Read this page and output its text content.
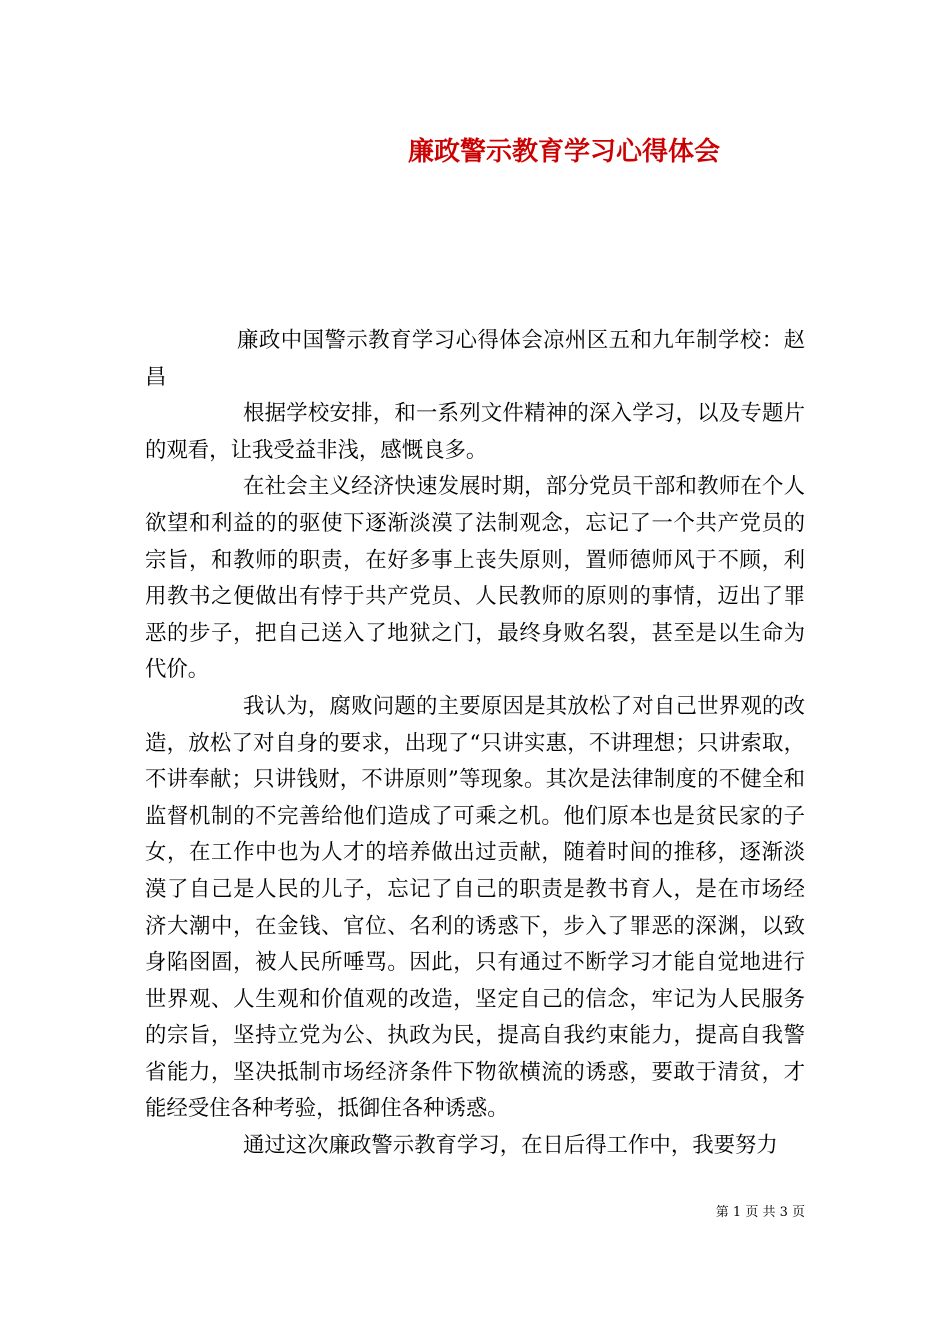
廉政警示教育学习心得体会

廉政中国警示教育学习心得体会凉州区五和九年制学校：赵昌

根据学校安排，和一系列文件精神的深入学习，以及专题片的观看，让我受益非浅，感慨良多。

在社会主义经济快速发展时期，部分党员干部和教师在个人欲望和利益的的驱使下逐渐淡漠了法制观念，忘记了一个共产党员的宗旨，和教师的职责，在好多事上丧失原则，置师德师风于不顾，利用教书之便做出有悖于共产党员、人民教师的原则的事情，迈出了罪恶的步子，把自己送入了地狱之门，最终身败名裂，甚至是以生命为代价。

我认为，腐败问题的主要原因是其放松了对自己世界观的改造，放松了对自身的要求，出现了“只讲实惠，不讲理想；只讲索取，不讲奉献；只讲钱财，不讲原则”等现象。其次是法律制度的不健全和监督机制的不完善给他们造成了可乘之机。他们原本也是贫民家的子女，在工作中也为人才的培养做出过贡献，随着时间的推移，逐渐淡漠了自己是人民的儿子，忘记了自己的职责是教书育人，是在市场经济大潮中，在金钱、官位、名利的诱惑下，步入了罪恶的深渊，以致身陷囹圄，被人民所唾骂。因此，只有通过不断学习才能自觉地进行世界观、人生观和价值观的改造，坚定自己的信念，牢记为人民服务的宗旨，坚持立党为公、执政为民，提高自我约束能力，提高自我警省能力，坚决抵制市场经济条件下物欲横流的诱惑，要敢于清贫，才能经受住各种考验，抵御住各种诱惑。

通过这次廉政警示教育学习，在日后得工作中，我要努力

第 1 页 共 3 页
